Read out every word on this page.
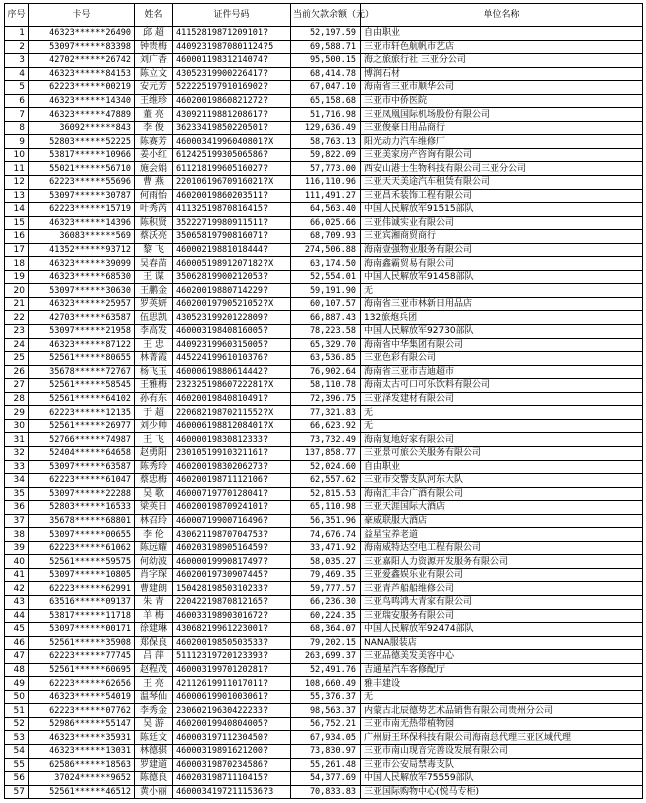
序号	卡号	姓名	证件号码	当前欠款余额（元）	单位名称
1	46323******26490	邱 超	41152819871209101?	52,197.59	自由职业
2	53097******83398	钟贵梅	44092319870801124?5	69,588.71	三亚市轩色航帆市艺店
3	42702******26742	刘广香	46000119831214074?	95,500.15	海之旅旅行社 三亚分公司
4	46323******84153	陈立文	43052319900226417?	68,414.78	博润石材
5	62223******00219	安元芳	52222519791016902?	67,047.10	海南省三亚市顺华公司
6	46323******14340	王维珍	46020019860821272?	65,158.68	三亚市中侨医院
7	46323******47889	董 亮	43092119881208617?	51,716.98	三亚凤凰国际机场股份有限公司
8	36092******843	李 俊	36233419850220501?	129,636.49	三亚俊豪日用品商行
9	52803******52225	陈赛芳	46000341996040801?X	58,763.13	阳光动力汽车维修厂
10	53817******10966	姜小红	61242519930506586?	59,822.09	三亚美家房产咨询有限公司
11	55021******56710	施会娟	61121819960516027?	57,773.00	西安山港士生物科技有限公司三亚分公司
12	62223******55696	曹 燕	22010619670916021?X	116,110.96	三亚天天美途汽车租赁有限公司
13	53097******30787	何雨怡	46020019860203511?	111,491.27	三亚昌禾装饰工程有限公司
14	62223******15719	叶秀芮	41132519870816415?	64,563.40	中国人民解放军91515部队
15	46323******14396	陈积贤	35222719980911511?	66,025.66	三亚伟诚实业有限公司
16	36083******569	蔡沃亮	35065819790816071?	68,709.93	三亚宾湘商贸商行
17	41352******93712	黎 飞	46000219881018444?	274,506.88	海南壹强物业服务有限公司
18	46323******39099	吴春苗	46000519891207182?X	63,174.50	海南鑫霸贸易有限公司
19	46323******68530	王 谋	35062819900212053?	52,554.01	中国人民解放军91458部队
20	53097******30630	王鹏金	46020019880714229?	59,191.90	无
21	46323******25957	罗英妍	46020019790521052?X	60,107.57	海南省三亚市林新日用品店
22	42703******63587	伍思凯	43052319920122809?	66,887.43	132旅炮兵团
23	53097******21958	李高发	46000319840816005?	78,223.58	中国人民解放军92730部队
24	46323******87122	王 忠	44092319960315005?	65,329.70	海南省中华集团有限公司
25	52561******80655	林菁霞	44522419961010376?	63,536.85	三亚色彩有限公司
26	35678******72767	杨飞玉	46000619880614442?	76,902.64	海南省三亚市吉迪超市
27	52561******58545	王雅梅	23232519860722281?X	58,110.78	海南太古可口可乐饮料有限公司
28	52561******64102	孙有东	46020019840810491?	72,396.75	三亚泽发建材有限公司
29	62223******12135	于 超	22068219870211552?X	77,321.83	无
30	52561******26977	刘少帅	46000619881208401?X	66,623.92	无
31	52766******74987	王 飞	46000019830812333?	73,732.49	海南复地好家有限公司
32	52404******64658	赵勇阳	23010519910321161?	137,858.77	三亚景可旅公关服务有限公司
33	53097******63587	陈秀玲	46020019830206273?	52,024.60	自由职业
34	62223******61047	蔡忠梅	46020019871112106?	62,557.62	三亚市交警支队河东大队
35	53097******22288	吴 歌	46000719770128041?	52,815.53	海南汇丰合广酒有限公司
36	52803******16533	梁英日	46020019870924101?	65,110.98	三亚天涯国际大酒店
37	35678******68801	林召玲	46000719900716496?	56,351.96	豪威联服大酒店
38	53097******00655	李 伦	43062119870704753?	74,676.74	益星宝养老道
39	62223******61062	陈远耀	46020319890516459?	33,471.92	海南威特达空电工程有限公司
40	52561******59575	何幼波	46000019990817497?	58,035.27	三亚嘉阳人力资源开发服务有限公司
41	53097******10805	肖字琛	46020019730907445?	79,469.35	三亚爱鑫娱乐业有限公司
42	62223******62991	曹建朗	15042819850310233?	59,777.57	三亚青芦船船维修公司
43	63516******09137	朱 青	22042219870812165?	66,236.30	三亚鸟鸣鸿大青家有限公司
44	53817******11718	羊 梅	46003319890301672?	60,224.35	三亚瑞安服务有限公司
45	53097******00171	徐建琳	43068219961223001?	68,364.07	中国人民解放军92474部队
46	52561******35908	郑保良	46020019850503533?	79,202.15	NANA服装店
47	62223******77745	吕 萍	51112319720123393?	263,699.37	三亚品德美发美容中心
48	52561******60695	赵程茂	46000319970120281?	52,491.76	吉通星汽车客修配厅
49	62223******62656	王 亮	42112619911017011?	108,660.49	雅丰建设
50	46323******54019	温琴仙	46000619901003061?	55,376.37	无
51	62223******07762	李秀金	23060219630422233?	98,563.37	内蒙古北辰德势艺术品销售有限公司贵州分公司
52	52986******55147	吴 游	46020019940804005?	56,752.21	三亚市南无热带植物园
53	46323******35931	陈廷文	46000319711230450?	67,934.05	广州厨王环保科技有限公司海南总代理三亚区域代理
54	46323******13031	林德骐	46000319891621200?	73,830.97	三亚市南山现音完善设发展有限公司
55	62586******18563	罗建道	46000319870234586?	55,261.48	三亚市公安局禁毒支队
56	37024******9652	陈德良	46020319871110415?	54,377.69	中国人民解放军75559部队
57	52561******46512	黄小丽	46000341972111536?3	70,833.83	三亚国际购物中心(悦马专柜)
